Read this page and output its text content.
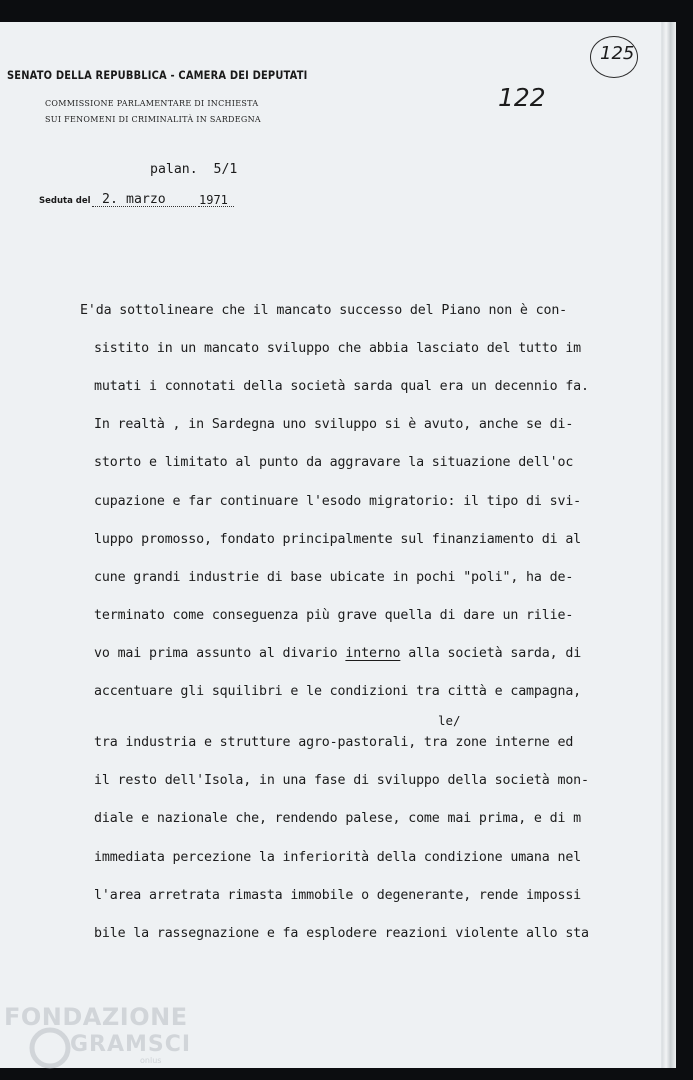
SENATO DELLA REPUBBLICA - CAMERA DEI DEPUTATI
COMMISSIONE PARLAMENTARE DI INCHIESTA
SUI FENOMENI DI CRIMINALITÀ IN SARDEGNA
125
122
palan.  5/1
Seduta del 2. marzo	1971
E'da sottolineare che il mancato successo del Piano non è con-
sistito in un mancato sviluppo che abbia lasciato del tutto im
mutati i connotati della società sarda qual era un decennio fa.
In realtà , in Sardegna uno sviluppo si è avuto, anche se di-
storto e limitato al punto da aggravare la situazione dell'oc
cupazione e far continuare l'esodo migratorio: il tipo di svi-
luppo promosso, fondato principalmente sul finanziamento di al
cune grandi industrie di base ubicate in pochi "poli", ha de-
terminato come conseguenza più grave quella di dare un rilie-
vo mai prima assunto al divario interno alla società sarda, di
accentuare gli squilibri e le condizioni tra città e campagna,
tra industria e strutture agro-pastorali, tra zone interne ed
il resto dell'Isola, in una fase di sviluppo della società mon-
diale e nazionale che, rendendo palese, come mai prima, e di m
immediata percezione la inferiorità della condizione umana nel
l'area arretrata rimasta immobile o degenerante, rende impossi
bile la rassegnazione e fa esplodere reazioni violente allo sta
le/
FONDAZIONE
GRAMSCI
onlus
